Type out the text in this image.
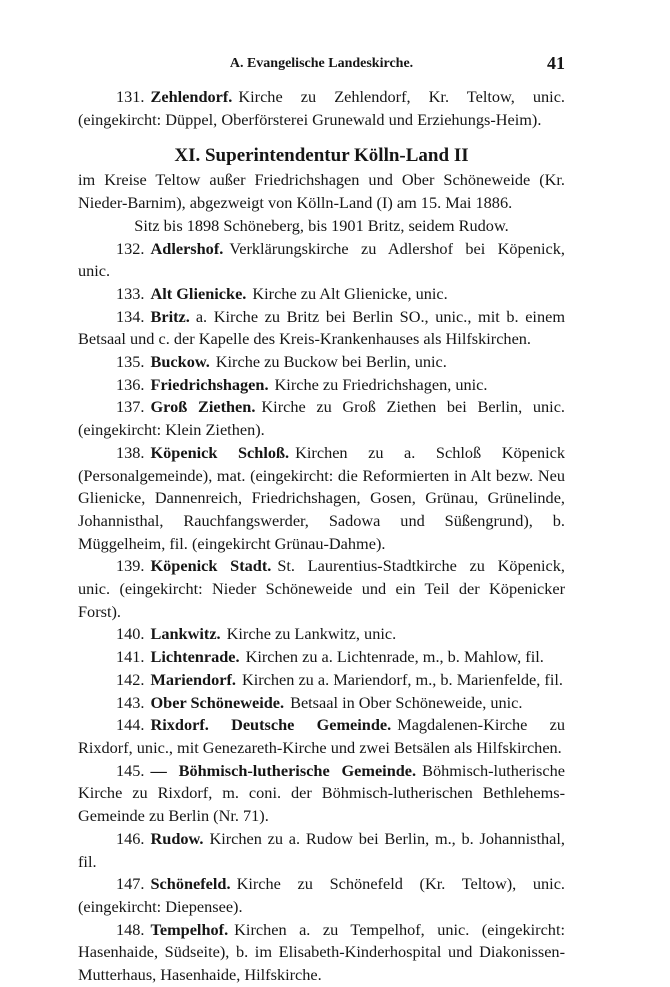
A. Evangelische Landeskirche.	41

131. Zehlendorf. Kirche zu Zehlendorf, Kr. Teltow, unic. (eingekircht: Düppel, Oberförsterei Grunewald und Erziehungs-Heim).

XI. Superintendentur Kölln-Land II

im Kreise Teltow außer Friedrichshagen und Ober Schöneweide (Kr. Nieder-Barnim), abgezweigt von Kölln-Land (I) am 15. Mai 1886.

Sitz bis 1898 Schöneberg, bis 1901 Britz, seidem Rudow.

132. Adlershof. Verklärungskirche zu Adlershof bei Köpenick, unic.

133. Alt Glienicke. Kirche zu Alt Glienicke, unic.

134. Britz. a. Kirche zu Britz bei Berlin SO., unic., mit b. einem Betsaal und c. der Kapelle des Kreis-Krankenhauses als Hilfskirchen.

135. Buckow. Kirche zu Buckow bei Berlin, unic.

136. Friedrichshagen. Kirche zu Friedrichshagen, unic.

137. Groß Ziethen. Kirche zu Groß Ziethen bei Berlin, unic. (eingekircht: Klein Ziethen).

138. Köpenick Schloß. Kirchen zu a. Schloß Köpenick (Personalgemeinde), mat. (eingekircht: die Reformierten in Alt bezw. Neu Glienicke, Dannenreich, Friedrichshagen, Gosen, Grünau, Grünelinde, Johannisthal, Rauchfangswerder, Sadowa und Süßengrund), b. Müggelheim, fil. (eingekircht Grünau-Dahme).

139. Köpenick Stadt. St. Laurentius-Stadtkirche zu Köpenick, unic. (eingekircht: Nieder Schöneweide und ein Teil der Köpenicker Forst).

140. Lankwitz. Kirche zu Lankwitz, unic.

141. Lichtenrade. Kirchen zu a. Lichtenrade, m., b. Mahlow, fil.

142. Mariendorf. Kirchen zu a. Mariendorf, m., b. Marienfelde, fil.

143. Ober Schöneweide. Betsaal in Ober Schöneweide, unic.

144. Rixdorf. Deutsche Gemeinde. Magdalenen-Kirche zu Rixdorf, unic., mit Genezareth-Kirche und zwei Betsälen als Hilfskirchen.

145. — Böhmisch-lutherische Gemeinde. Böhmisch-lutherische Kirche zu Rixdorf, m. coni. der Böhmisch-lutherischen Bethlehems-Gemeinde zu Berlin (Nr. 71).

146. Rudow. Kirchen zu a. Rudow bei Berlin, m., b. Johannisthal, fil.

147. Schönefeld. Kirche zu Schönefeld (Kr. Teltow), unic. (eingekircht: Diepensee).

148. Tempelhof. Kirchen a. zu Tempelhof, unic. (eingekircht: Hasenhaide, Südseite), b. im Elisabeth-Kinderhospital und Diakonissen-Mutterhaus, Hasenhaide, Hilfskirche.
